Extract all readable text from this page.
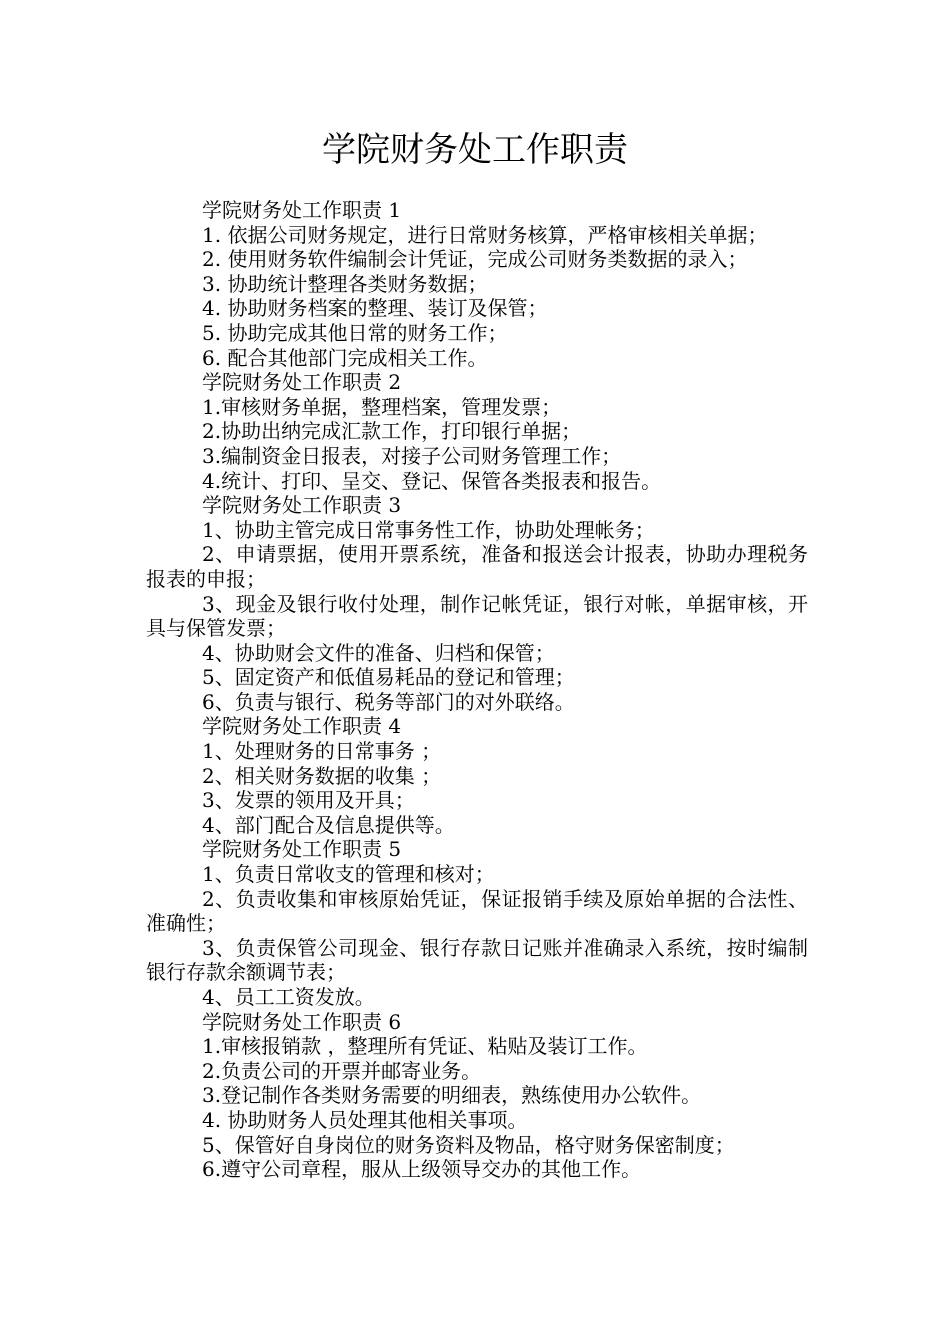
学院财务处工作职责

学院财务处工作职责 1

1. 依据公司财务规定，进行日常财务核算，严格审核相关单据；

2. 使用财务软件编制会计凭证，完成公司财务类数据的录入；

3. 协助统计整理各类财务数据；

4. 协助财务档案的整理、装订及保管；

5. 协助完成其他日常的财务工作；

6. 配合其他部门完成相关工作。

学院财务处工作职责 2

1.审核财务单据，整理档案，管理发票；

2.协助出纳完成汇款工作，打印银行单据；

3.编制资金日报表，对接子公司财务管理工作；

4.统计、打印、呈交、登记、保管各类报表和报告。

学院财务处工作职责 3

1、协助主管完成日常事务性工作，协助处理帐务；

2、申请票据，使用开票系统，准备和报送会计报表，协助办理税务报表的申报；

3、现金及银行收付处理，制作记帐凭证，银行对帐，单据审核，开具与保管发票；

4、协助财会文件的准备、归档和保管；

5、固定资产和低值易耗品的登记和管理；

6、负责与银行、税务等部门的对外联络。

学院财务处工作职责 4

1、处理财务的日常事务 ；

2、相关财务数据的收集 ；

3、发票的领用及开具；

4、部门配合及信息提供等。

学院财务处工作职责 5

1、负责日常收支的管理和核对；

2、负责收集和审核原始凭证，保证报销手续及原始单据的合法性、准确性；

3、负责保管公司现金、银行存款日记账并准确录入系统，按时编制银行存款余额调节表；

4、员工工资发放。

学院财务处工作职责 6

1.审核报销款 ，整理所有凭证、粘贴及装订工作。

2.负责公司的开票并邮寄业务。

3.登记制作各类财务需要的明细表，熟练使用办公软件。

4. 协助财务人员处理其他相关事项。

5、保管好自身岗位的财务资料及物品，格守财务保密制度；

6.遵守公司章程，服从上级领导交办的其他工作。
